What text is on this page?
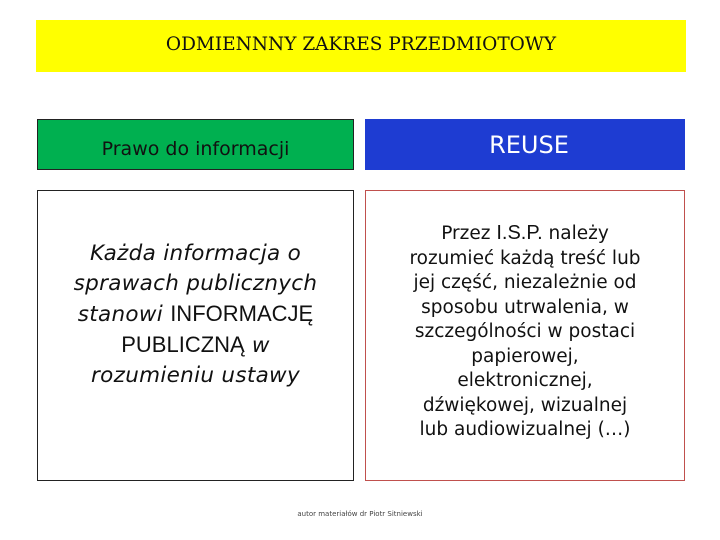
ODMIENNNY ZAKRES PRZEDMIOTOWY
Prawo do informacji	REUSE
Każda informacja o
sprawach publicznych
stanowi INFORMACJĘ
PUBLICZNĄ w
rozumieniu ustawy
Przez I.S.P. należy
rozumieć każdą treść lub
jej część, niezależnie od
sposobu utrwalenia, w
szczególności w postaci
papierowej,
elektronicznej,
dźwiękowej, wizualnej
lub audiowizualnej (…)
autor materiałów dr Piotr Sitniewski
